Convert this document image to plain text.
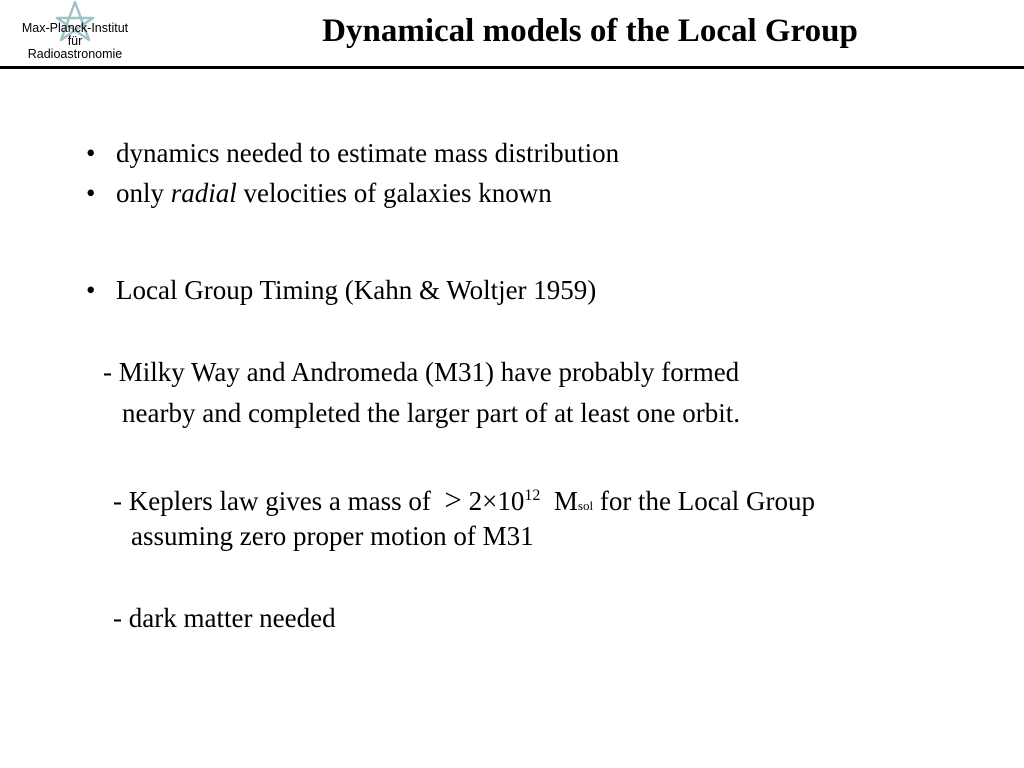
Max-Planck-Institut
für
Radioastronomie
Dynamical models of the Local Group
• dynamics needed to estimate mass distribution
• only radial velocities of galaxies known
• Local Group Timing (Kahn & Woltjer 1959)
- Milky Way and Andromeda (M31) have probably formed
nearby and completed the larger part of at least one orbit.
- Keplers law gives a mass of  > $2\times 10^{12}$ Msol for the Local Group
assuming zero proper motion of M31
- dark matter needed
